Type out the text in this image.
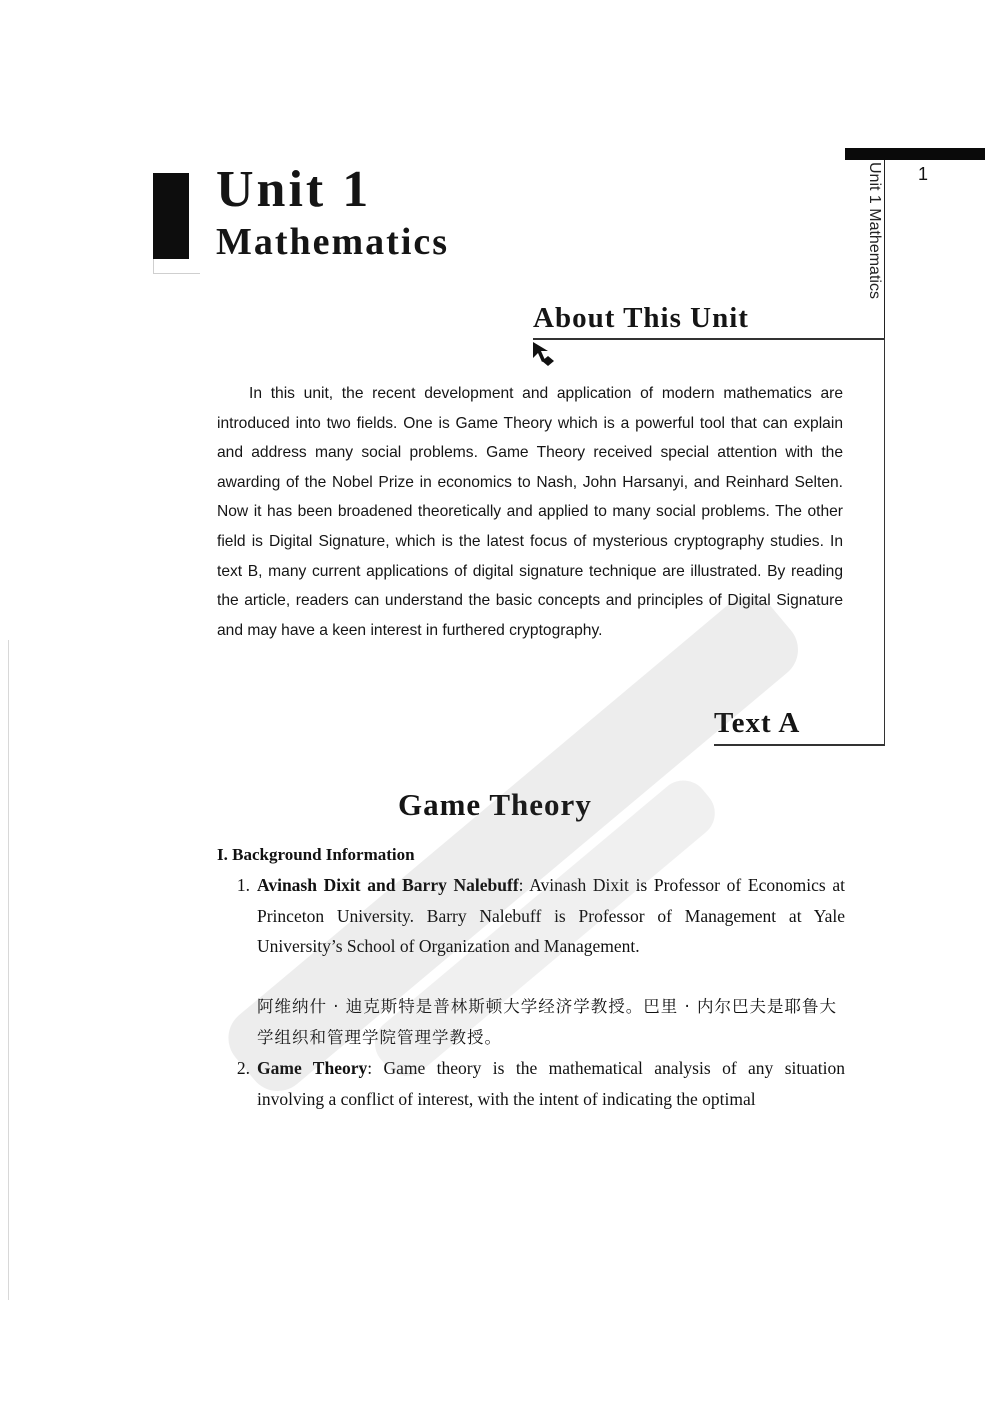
Unit 1
Mathematics
1
Unit 1 Mathematics
About This Unit

In this unit, the recent development and application of modern mathematics are introduced into two fields. One is Game Theory which is a powerful tool that can explain and address many social problems. Game Theory received special attention with the awarding of the Nobel Prize in economics to Nash, John Harsanyi, and Reinhard Selten. Now it has been broadened theoretically and applied to many social problems. The other field is Digital Signature, which is the latest focus of mysterious cryptography studies. In text B, many current applications of digital signature technique are illustrated. By reading the article, readers can understand the basic concepts and principles of Digital Signature and may have a keen interest in furthered cryptography.

Text A
Game Theory
I. Background Information
1. Avinash Dixit and Barry Nalebuff: Avinash Dixit is Professor of Economics at Princeton University. Barry Nalebuff is Professor of Management at Yale University’s School of Organization and Management.
阿维纳什 · 迪克斯特是普林斯顿大学经济学教授。巴里 · 内尔巴夫是耶鲁大学组织和管理学院管理学教授。
2. Game Theory: Game theory is the mathematical analysis of any situation involving a conflict of interest, with the intent of indicating the optimal
